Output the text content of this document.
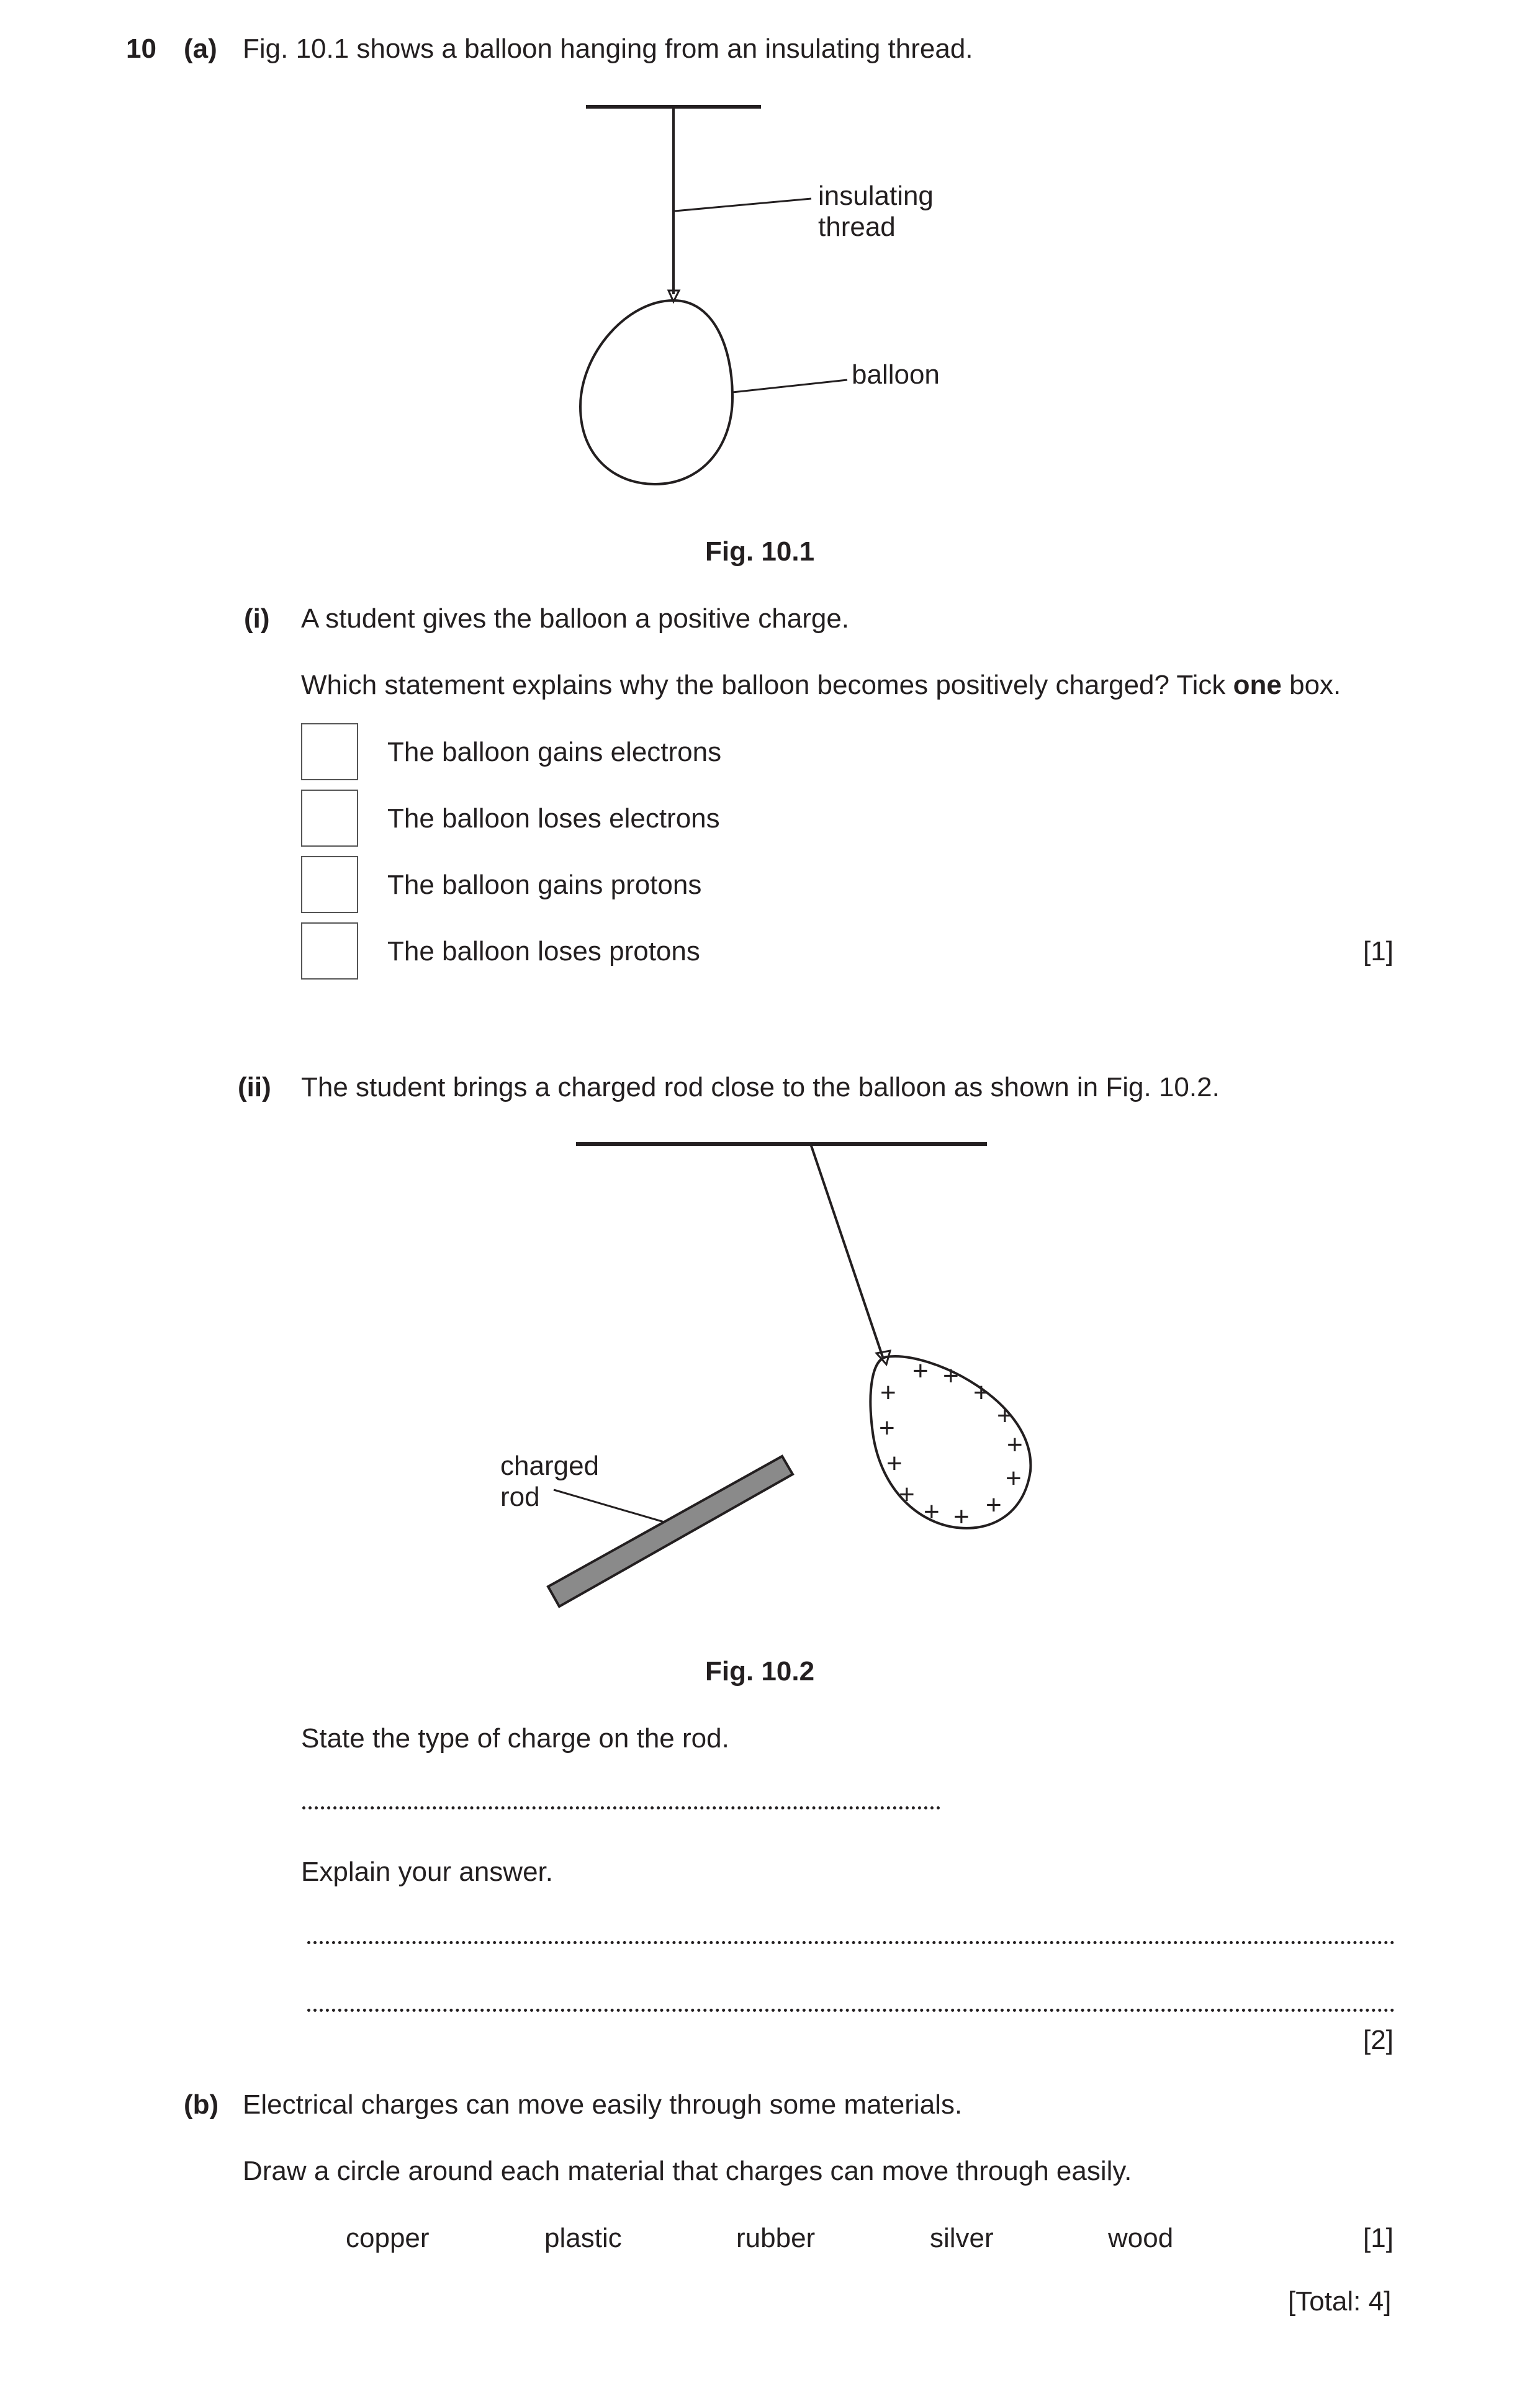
10 (a) Fig. 10.1 shows a balloon hanging from an insulating thread.
insulating
thread
balloon
Fig. 10.1
(i) A student gives the balloon a positive charge.
Which statement explains why the balloon becomes positively charged? Tick one box.
The balloon gains electrons
The balloon loses electrons
The balloon gains protons
The balloon loses protons	[1]
(ii) The student brings a charged rod close to the balloon as shown in Fig. 10.2.
+ +
+
+
+
+
+
+	+
+	+
+ +
charged
rod
Fig. 10.2
State the type of charge on the rod.
Explain your answer.
[2]
(b) Electrical charges can move easily through some materials.
Draw a circle around each material that charges can move through easily.
copper	plastic	rubber	silver	wood	[1]
[Total: 4]
